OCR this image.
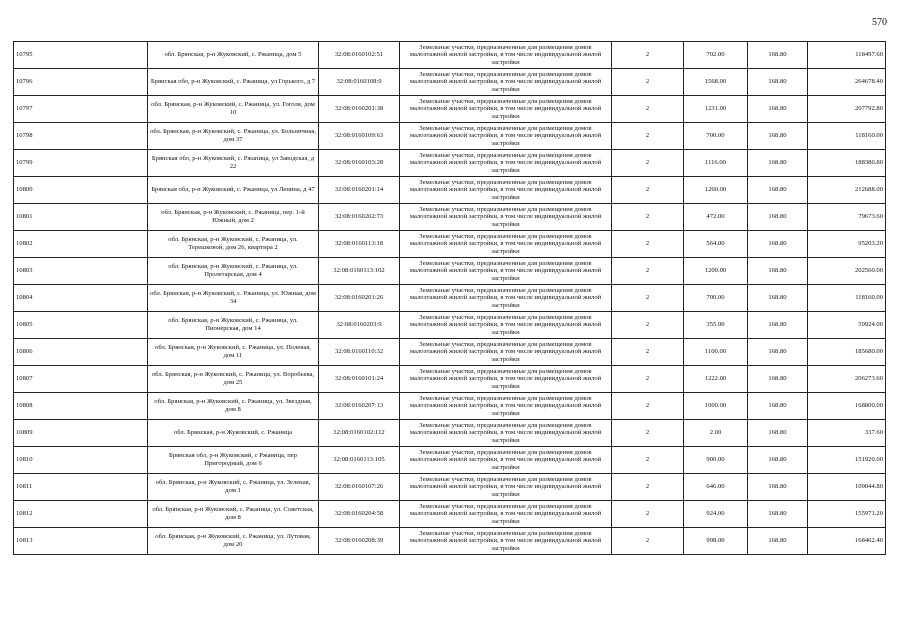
570
10795	обл. Брянская, р-н Жуковский, с. Ржаница, дом 5	32:08:0160102:51	Земельные участки, предназначенные для размещения домов малоэтажной жилой застройки, в том числе индивидуальной жилой застройки	2	702.00	168.80	118497.60
10796	Брянская обл, р-н Жуковский, с. Ржаница, ул Горького, д 7	32:08:0160108:9	Земельные участки, предназначенные для размещения домов малоэтажной жилой застройки, в том числе индивидуальной жилой застройки	2	1568.00	168.80	264678.40
10797	обл. Брянская, р-н Жуковский, с. Ржаница, ул. Гоголя, дом 10	32:08:0160201:38	Земельные участки, предназначенные для размещения домов малоэтажной жилой застройки, в том числе индивидуальной жилой застройки	2	1231.00	168.80	207792.80
10798	обл. Брянская, р-н Жуковский, с. Ржаница, ул. Больничная, дом 37	32:08:0160109:63	Земельные участки, предназначенные для размещения домов малоэтажной жилой застройки, в том числе индивидуальной жилой застройки	2	700.00	168.80	118160.00
10799	Брянская обл, р-н Жуковский, с. Ржаница, ул Заводская, д 22	32:08:0160103:28	Земельные участки, предназначенные для размещения домов малоэтажной жилой застройки, в том числе индивидуальной жилой застройки	2	1116.00	168.80	188380.80
10800	Брянская обл, р-н Жуковский, с. Ржаница, ул Ленина, д 47	32:08:0160201:14	Земельные участки, предназначенные для размещения домов малоэтажной жилой застройки, в том числе индивидуальной жилой застройки	2	1260.00	168.80	212688.00
10801	обл. Брянская, р-н Жуковский, с. Ржаница, пер. 1-й Южный, дом 2	32:08:0160202:73	Земельные участки, предназначенные для размещения домов малоэтажной жилой застройки, в том числе индивидуальной жилой застройки	2	472.00	168.80	79673.60
10802	обл. Брянская, р-н Жуковский, с. Ржаница, ул. Терешковой, дом 26, квартира 2	32:08:0160113:18	Земельные участки, предназначенные для размещения домов малоэтажной жилой застройки, в том числе индивидуальной жилой застройки	2	564.00	168.80	95203.20
10803	обл. Брянская, р-н Жуковский, с. Ржаница, ул. Пролетарская, дом 4	32:08:0160113:102	Земельные участки, предназначенные для размещения домов малоэтажной жилой застройки, в том числе индивидуальной жилой застройки	2	1200.00	168.80	202560.00
10804	обл. Брянская, р-н Жуковский, с. Ржаница, ул. Южная, дом 34	32:08:0160201:26	Земельные участки, предназначенные для размещения домов малоэтажной жилой застройки, в том числе индивидуальной жилой застройки	2	700.00	168.80	118160.00
10805	обл. Брянская, р-н Жуковский, с. Ржаница, ул. Пионерская, дом 14	32:08:0160203:9	Земельные участки, предназначенные для размещения домов малоэтажной жилой застройки, в том числе индивидуальной жилой застройки	2	355.00	168.80	59924.00
10806	обл. Брянская, р-н Жуковский, с. Ржаница, ул. Полевая, дом 11	32:08:0160110:32	Земельные участки, предназначенные для размещения домов малоэтажной жилой застройки, в том числе индивидуальной жилой застройки	2	1100.00	168.80	185680.00
10807	обл. Брянская, р-н Жуковский, с. Ржаница, ул. Воробьева, дом 25	32:08:0160101:24	Земельные участки, предназначенные для размещения домов малоэтажной жилой застройки, в том числе индивидуальной жилой застройки	2	1222.00	168.80	206273.60
10808	обл. Брянская, р-н Жуковский, с. Ржаница, ул. Звездная, дом 8	32:08:0160207:13	Земельные участки, предназначенные для размещения домов малоэтажной жилой застройки, в том числе индивидуальной жилой застройки	2	1000.00	168.80	168800.00
10809	обл. Брянская, р-н Жуковский, с. Ржаница	32:08:0160102:112	Земельные участки, предназначенные для размещения домов малоэтажной жилой застройки, в том числе индивидуальной жилой застройки	2	2.00	168.80	337.60
10810	Брянская обл, р-н Жуковский, с Ржаница, пер Пригородный, дом 6	32:08:0160113:105	Земельные участки, предназначенные для размещения домов малоэтажной жилой застройки, в том числе индивидуальной жилой застройки	2	900.00	168.80	151920.00
10811	обл. Брянская, р-н Жуковский, с. Ржаница, ул. Зеленая, дом 1	32:08:0160107:26	Земельные участки, предназначенные для размещения домов малоэтажной жилой застройки, в том числе индивидуальной жилой застройки	2	646.00	168.80	109044.80
10812	обл. Брянская, р-н Жуковский, с. Ржаница, ул. Советская, дом 8	32:08:0160204:58	Земельные участки, предназначенные для размещения домов малоэтажной жилой застройки, в том числе индивидуальной жилой застройки	2	924.00	168.80	155971.20
10813	обл. Брянская, р-н Жуковский, с. Ржаница, ул. Лутовая, дом 20	32:08:0160208:39	Земельные участки, предназначенные для размещения домов малоэтажной жилой застройки, в том числе индивидуальной жилой застройки	2	998.00	168.80	168462.40
